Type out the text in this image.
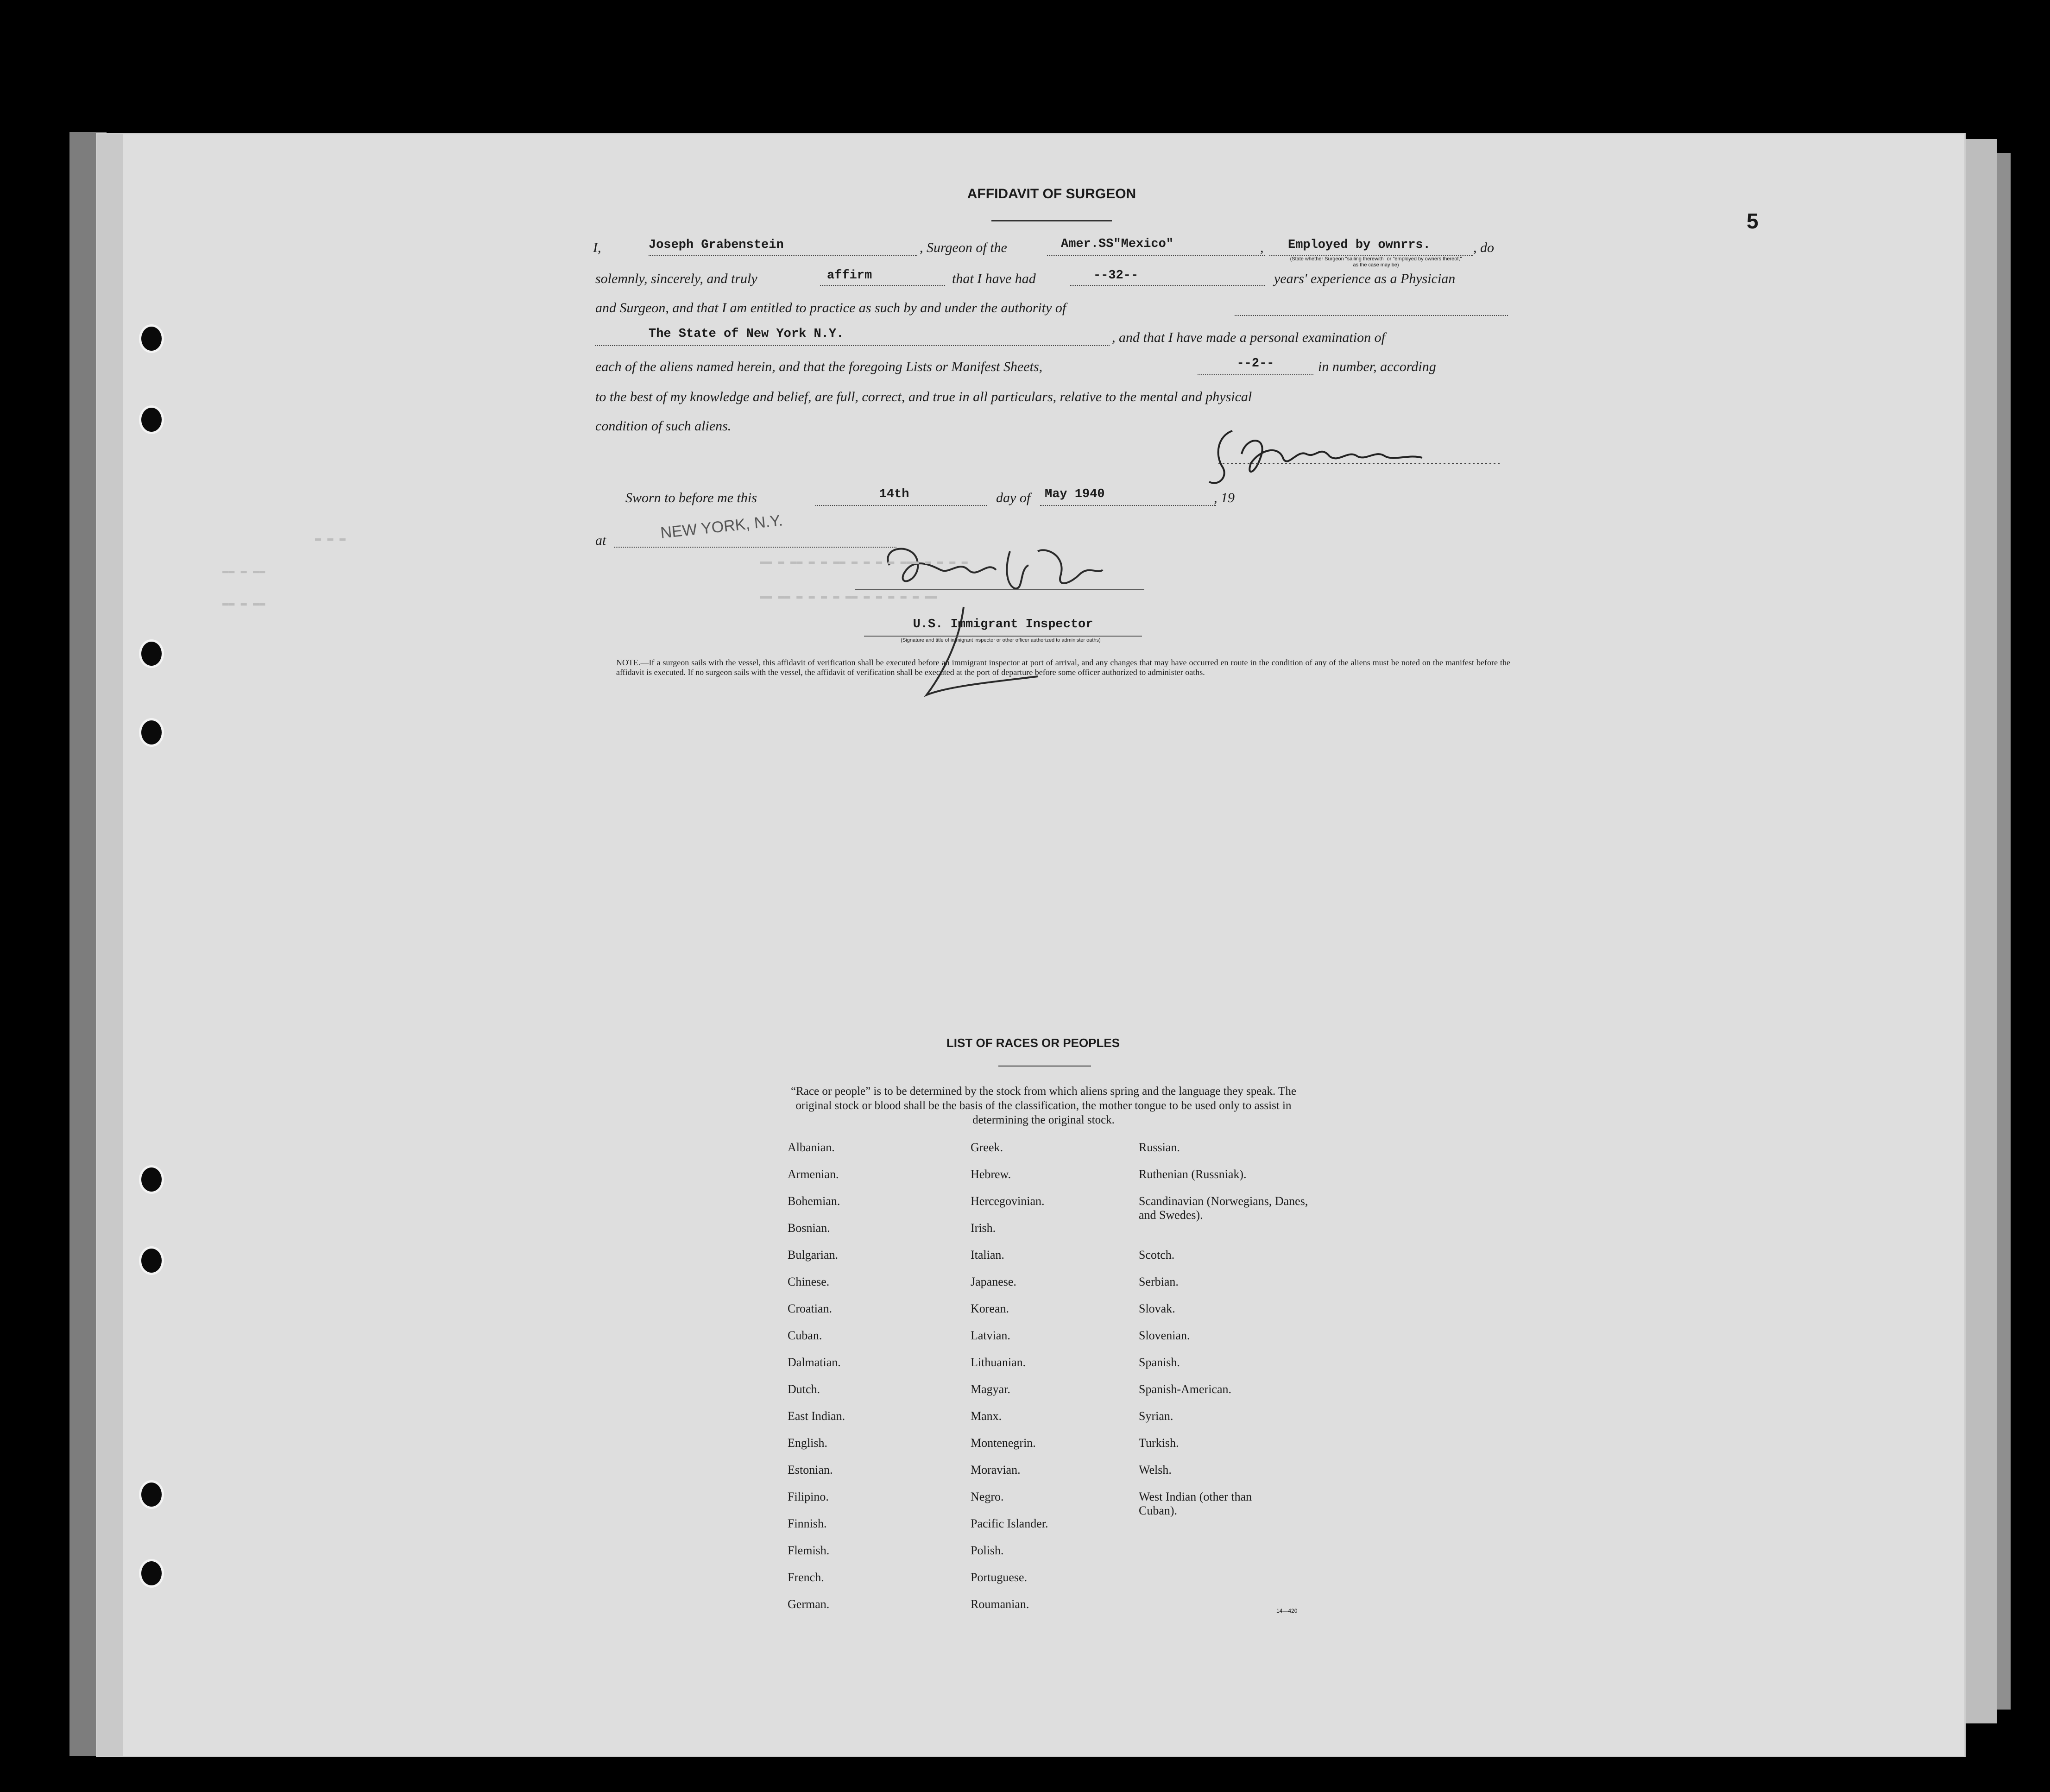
▬ ▬ ▬
▬▬ ▬ ▬▬
▬▬ ▬ ▬▬
5
AFFIDAVIT OF SURGEON
I,	Joseph Grabenstein	, Surgeon of the	Amer.SS"Mexico"	, Employed by ownrrs.	, do
(State whether Surgeon "sailing therewith" or "employed by owners thereof," as the case may be)
solemnly, sincerely, and truly	affirm	that I have had	--32--	years' experience as a Physician
and Surgeon, and that I am entitled to practice as such by and under the authority of
The State of New York N.Y.	, and that I have made a personal examination of
each of the aliens named herein, and that the foregoing Lists or Manifest Sheets,	--2--	in number, according
to the best of my knowledge and belief, are full, correct, and true in all particulars, relative to the mental and physical
condition of such aliens.
Sworn to before me this	14th	day of May 1940	, 19
at	NEW YORK, N.Y.
U.S. Immigrant Inspector
(Signature and title of immigrant inspector or other officer authorized to administer oaths)
▬▬ ▬ ▬▬ ▬ ▬ ▬▬ ▬ ▬ ▬ ▬ ▬▬▬ ▬ ▬ ▬ ▬
▬▬ ▬▬ ▬ ▬ ▬ ▬ ▬▬ ▬ ▬ ▬ ▬ ▬ ▬▬
NOTE.—If a surgeon sails with the vessel, this affidavit of verification shall be executed before an immigrant inspector at port of arrival, and any changes that may have occurred en route in the condition of any of the aliens must be noted on the manifest before the affidavit is executed. If no surgeon sails with the vessel, the affidavit of verification shall be executed at the port of departure before some officer authorized to administer oaths.
LIST OF RACES OR PEOPLES
“Race or people” is to be determined by the stock from which aliens spring and the language they speak. The original stock or blood shall be the basis of the classification, the mother tongue to be used only to assist in determining the original stock.
Albanian.
Armenian.
Bohemian.
Bosnian.
Bulgarian.
Chinese.
Croatian.
Cuban.
Dalmatian.
Dutch.
East Indian.
English.
Estonian.
Filipino.
Finnish.
Flemish.
French.
German.
Greek.
Hebrew.
Hercegovinian.
Irish.
Italian.
Japanese.
Korean.
Latvian.
Lithuanian.
Magyar.
Manx.
Montenegrin.
Moravian.
Negro.
Pacific Islander.
Polish.
Portuguese.
Roumanian.
Russian.
Ruthenian (Russniak).
Scandinavian (Norwegians, Danes, and Swedes).
Scotch.
Serbian.
Slovak.
Slovenian.
Spanish.
Spanish-American.
Syrian.
Turkish.
Welsh.
West Indian (other than Cuban).
14—420
